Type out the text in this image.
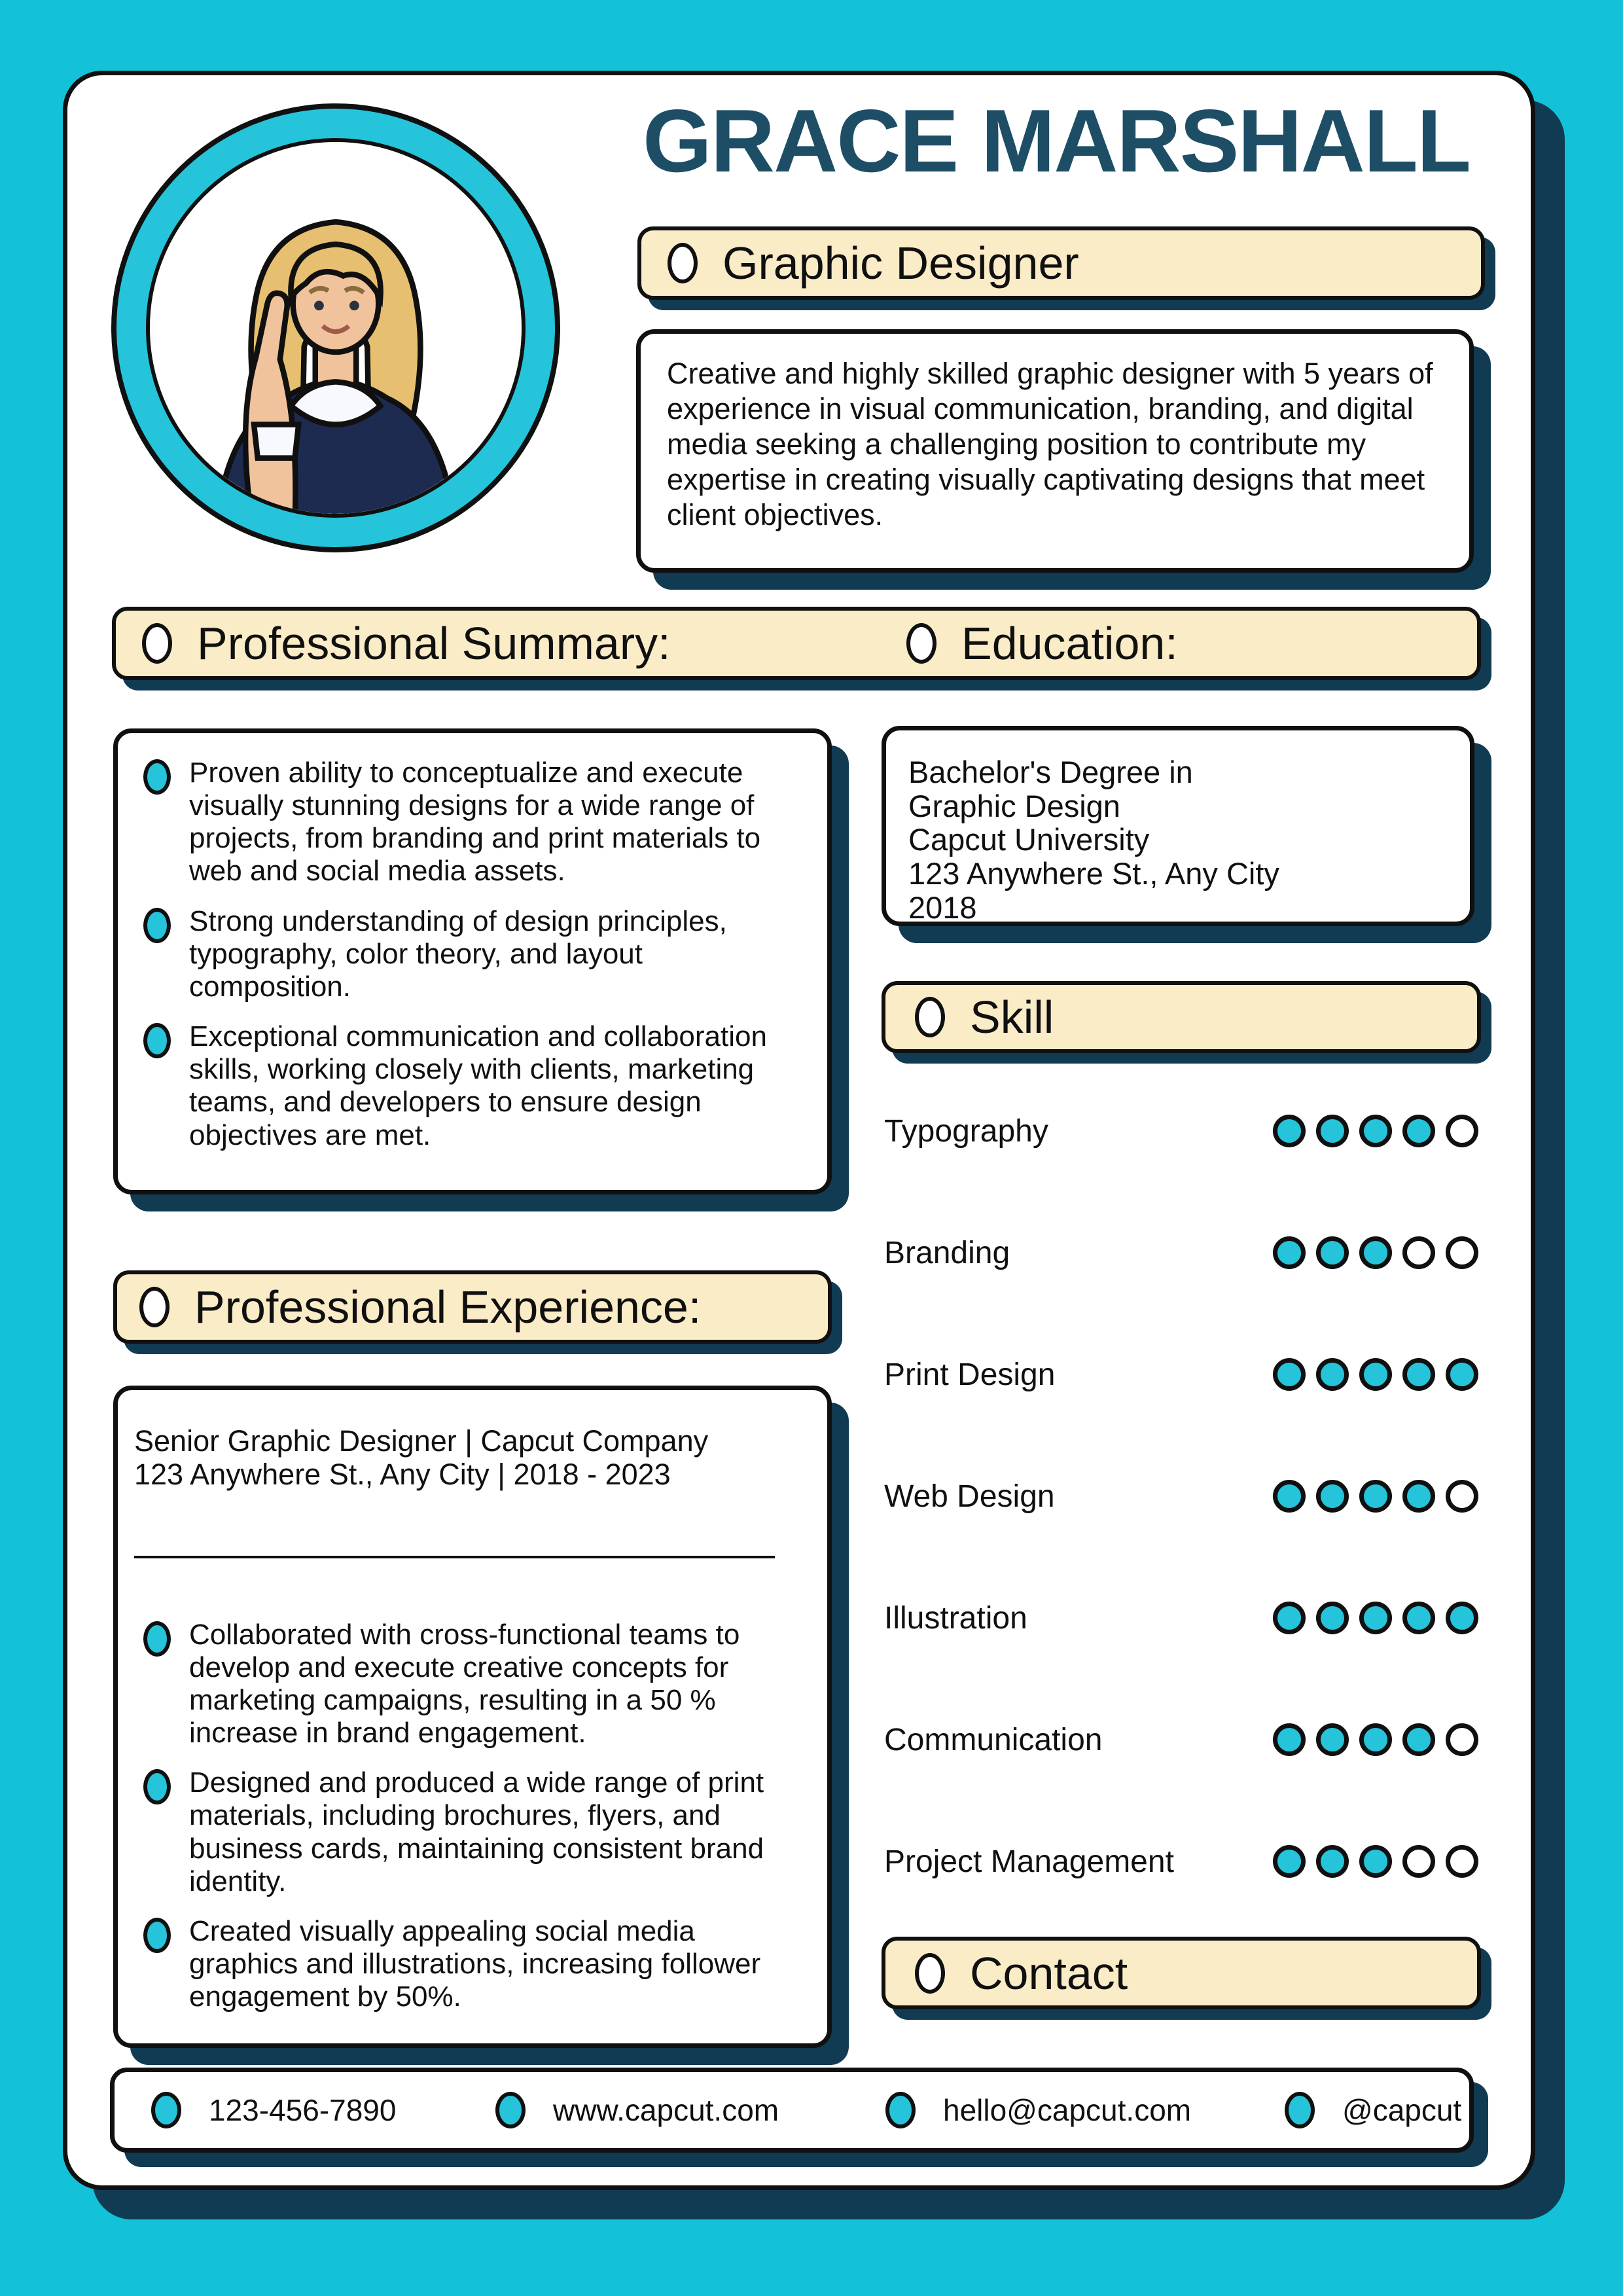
GRACE MARSHALL
Graphic Designer
Creative and highly skilled graphic designer with 5 years of experience in visual communication, branding, and digital media seeking a challenging position to contribute my expertise in creating visually captivating designs that meet client objectives.
Professional Summary:	Education:
Proven ability to conceptualize and execute visually stunning designs for a wide range of projects, from branding and print materials to web and social media assets.
Strong understanding of design principles, typography, color theory, and layout composition.
Exceptional communication and collaboration skills, working closely with clients, marketing teams, and developers to ensure design objectives are met.
Bachelor's Degree in
Graphic Design
Capcut University
123 Anywhere St., Any City
2018
Skill
Typography
Branding
Print Design
Web Design
Illustration
Communication
Project Management
Professional Experience:
Senior Graphic Designer | Capcut Company
123 Anywhere St., Any City | 2018 - 2023
Collaborated with cross-functional teams to develop and execute creative concepts for marketing campaigns, resulting in a 50 % increase in brand engagement.
Designed and produced a wide range of print materials, including brochures, flyers, and business cards, maintaining consistent brand identity.
Created visually appealing social media graphics and illustrations, increasing follower engagement by 50%.	Contact
123-456-7890	www.capcut.com	hello@capcut.com	@capcut
